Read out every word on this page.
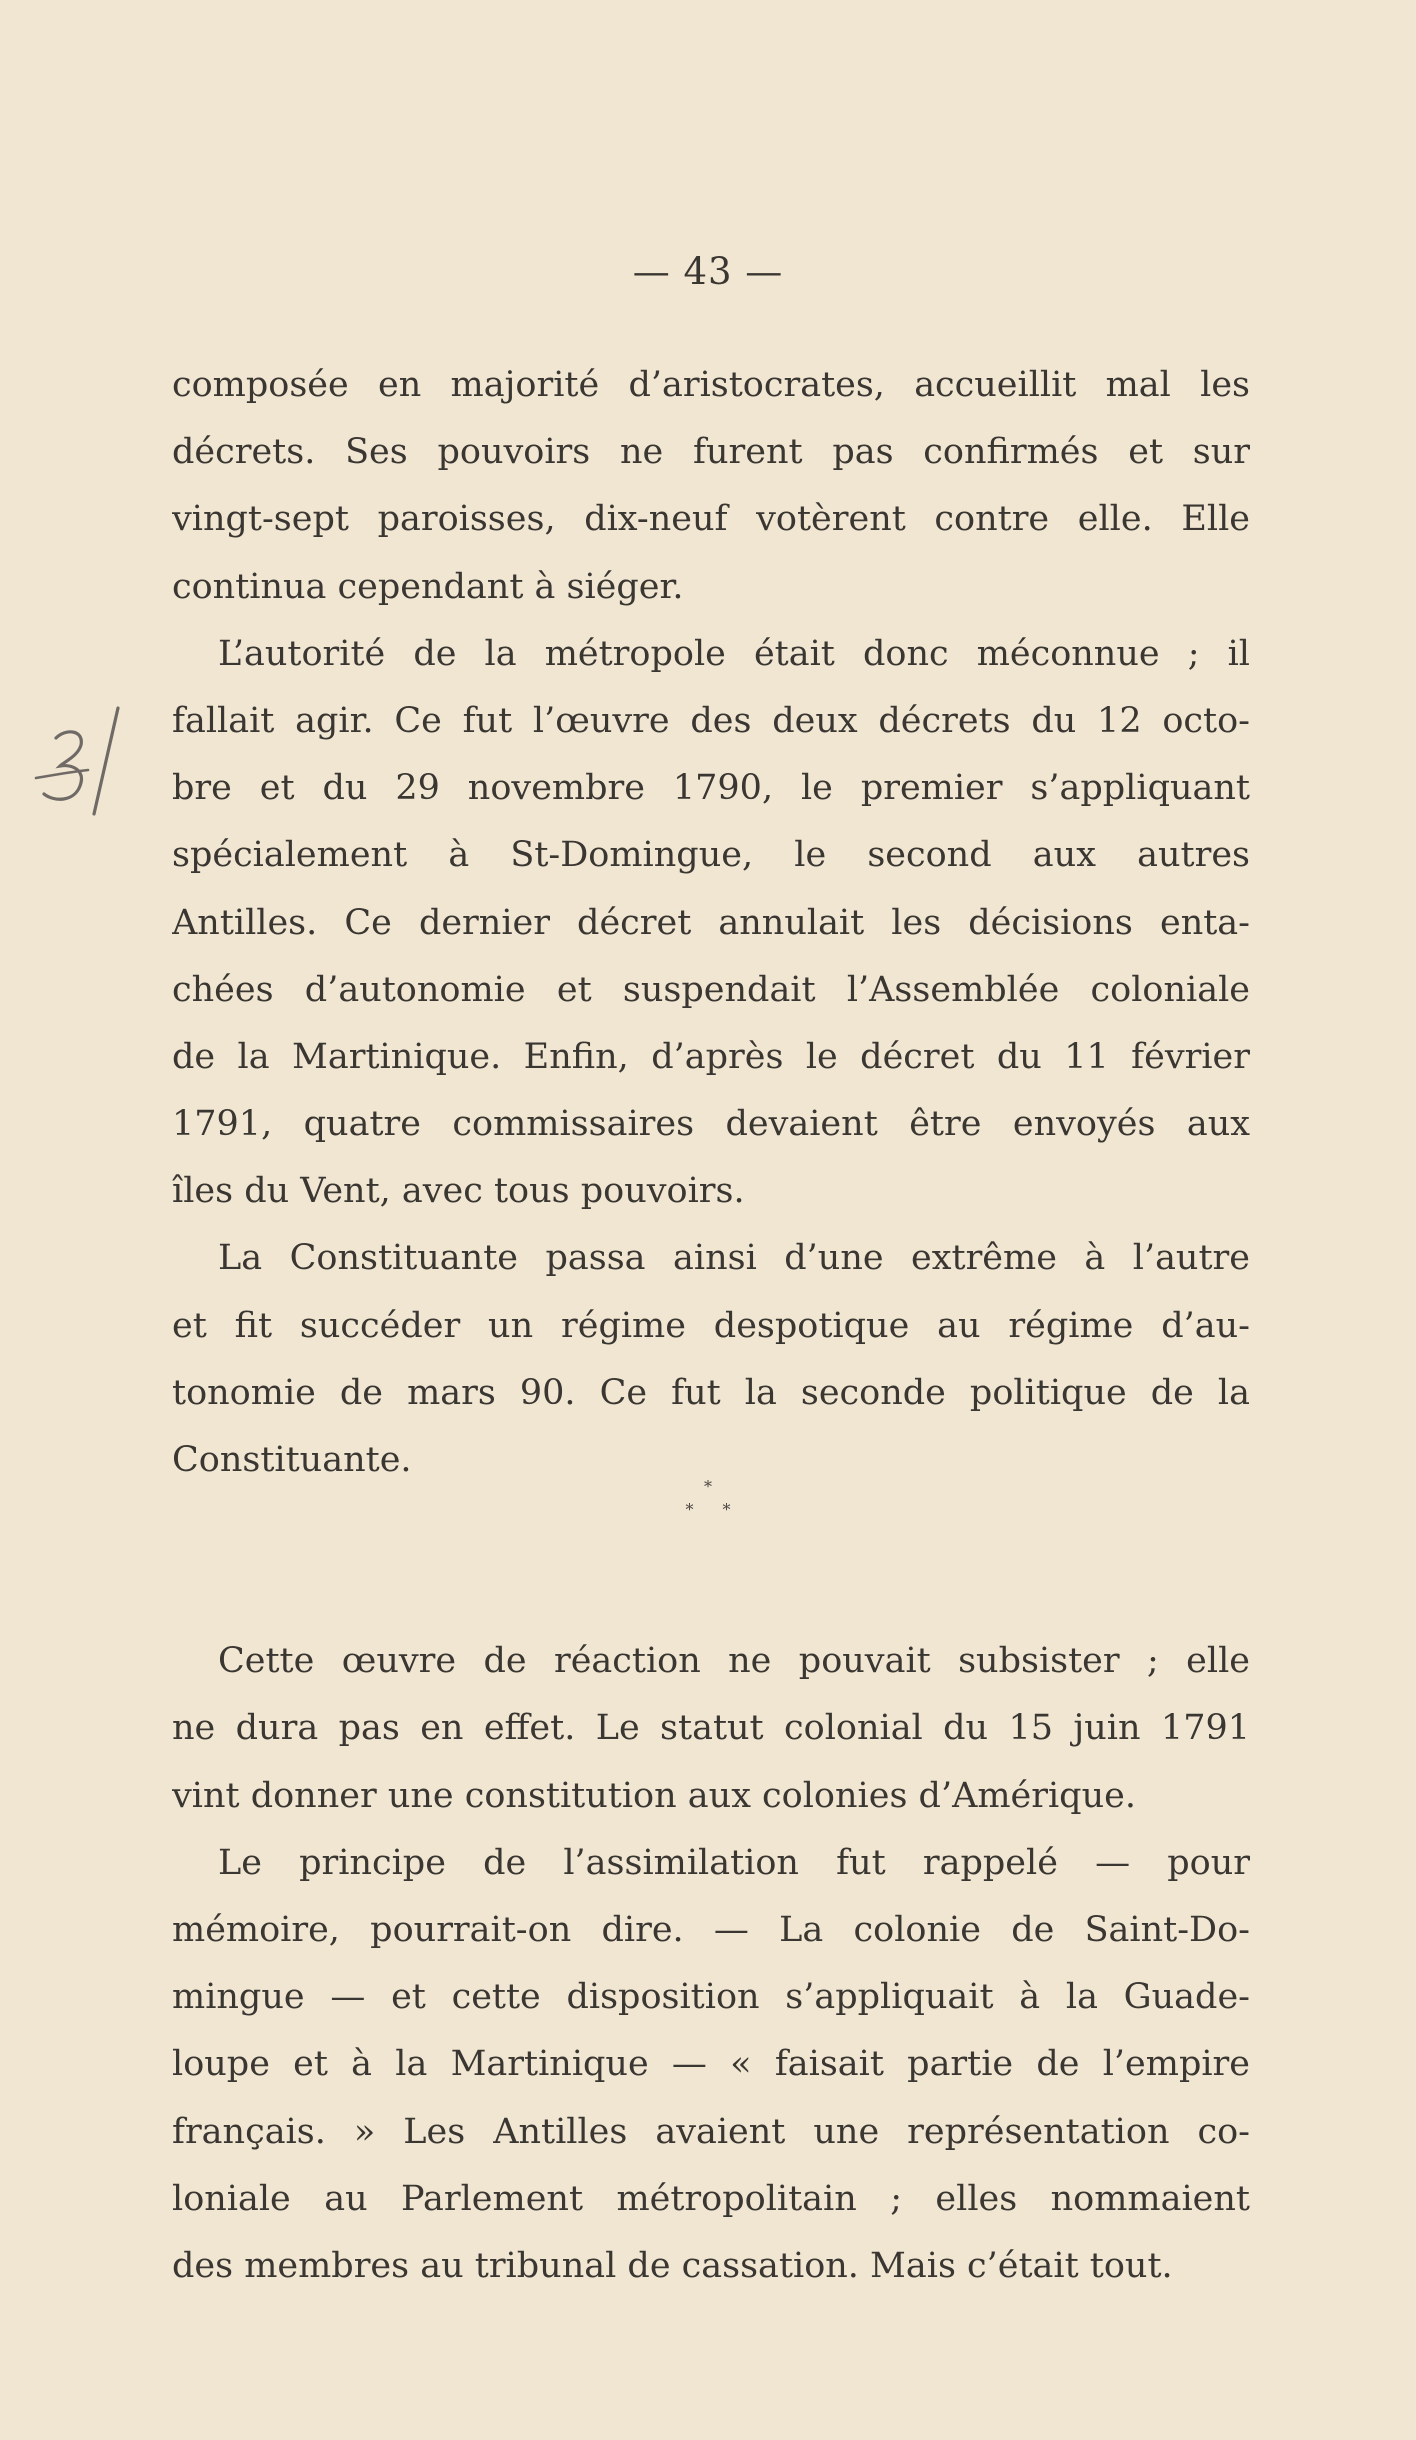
— 43 —
composée en majorité d’aristocrates, accueillit mal les
décrets. Ses pouvoirs ne furent pas confirmés et sur
vingt-sept paroisses, dix-neuf votèrent contre elle. Elle
continua cependant à siéger.
L’autorité de la métropole était donc méconnue ; il
fallait agir. Ce fut l’œuvre des deux décrets du 12 octo-
bre et du 29 novembre 1790, le premier s’appliquant
spécialement à St-Domingue, le second aux autres
Antilles. Ce dernier décret annulait les décisions enta-
chées d’autonomie et suspendait l’Assemblée coloniale
de la Martinique. Enfin, d’après le décret du 11 février
1791, quatre commissaires devaient être envoyés aux
îles du Vent, avec tous pouvoirs.
La Constituante passa ainsi d’une extrême à l’autre
et fit succéder un régime despotique au régime d’au-
tonomie de mars 90. Ce fut la seconde politique de la
Constituante.
Cette œuvre de réaction ne pouvait subsister ; elle
ne dura pas en effet. Le statut colonial du 15 juin 1791
vint donner une constitution aux colonies d’Amérique.
Le principe de l’assimilation fut rappelé — pour
mémoire, pourrait-on dire. — La colonie de Saint-Do-
mingue — et cette disposition s’appliquait à la Guade-
loupe et à la Martinique — « faisait partie de l’empire
français. » Les Antilles avaient une représentation co-
loniale au Parlement métropolitain ; elles nommaient
des membres au tribunal de cassation. Mais c’était tout.
*
* *
